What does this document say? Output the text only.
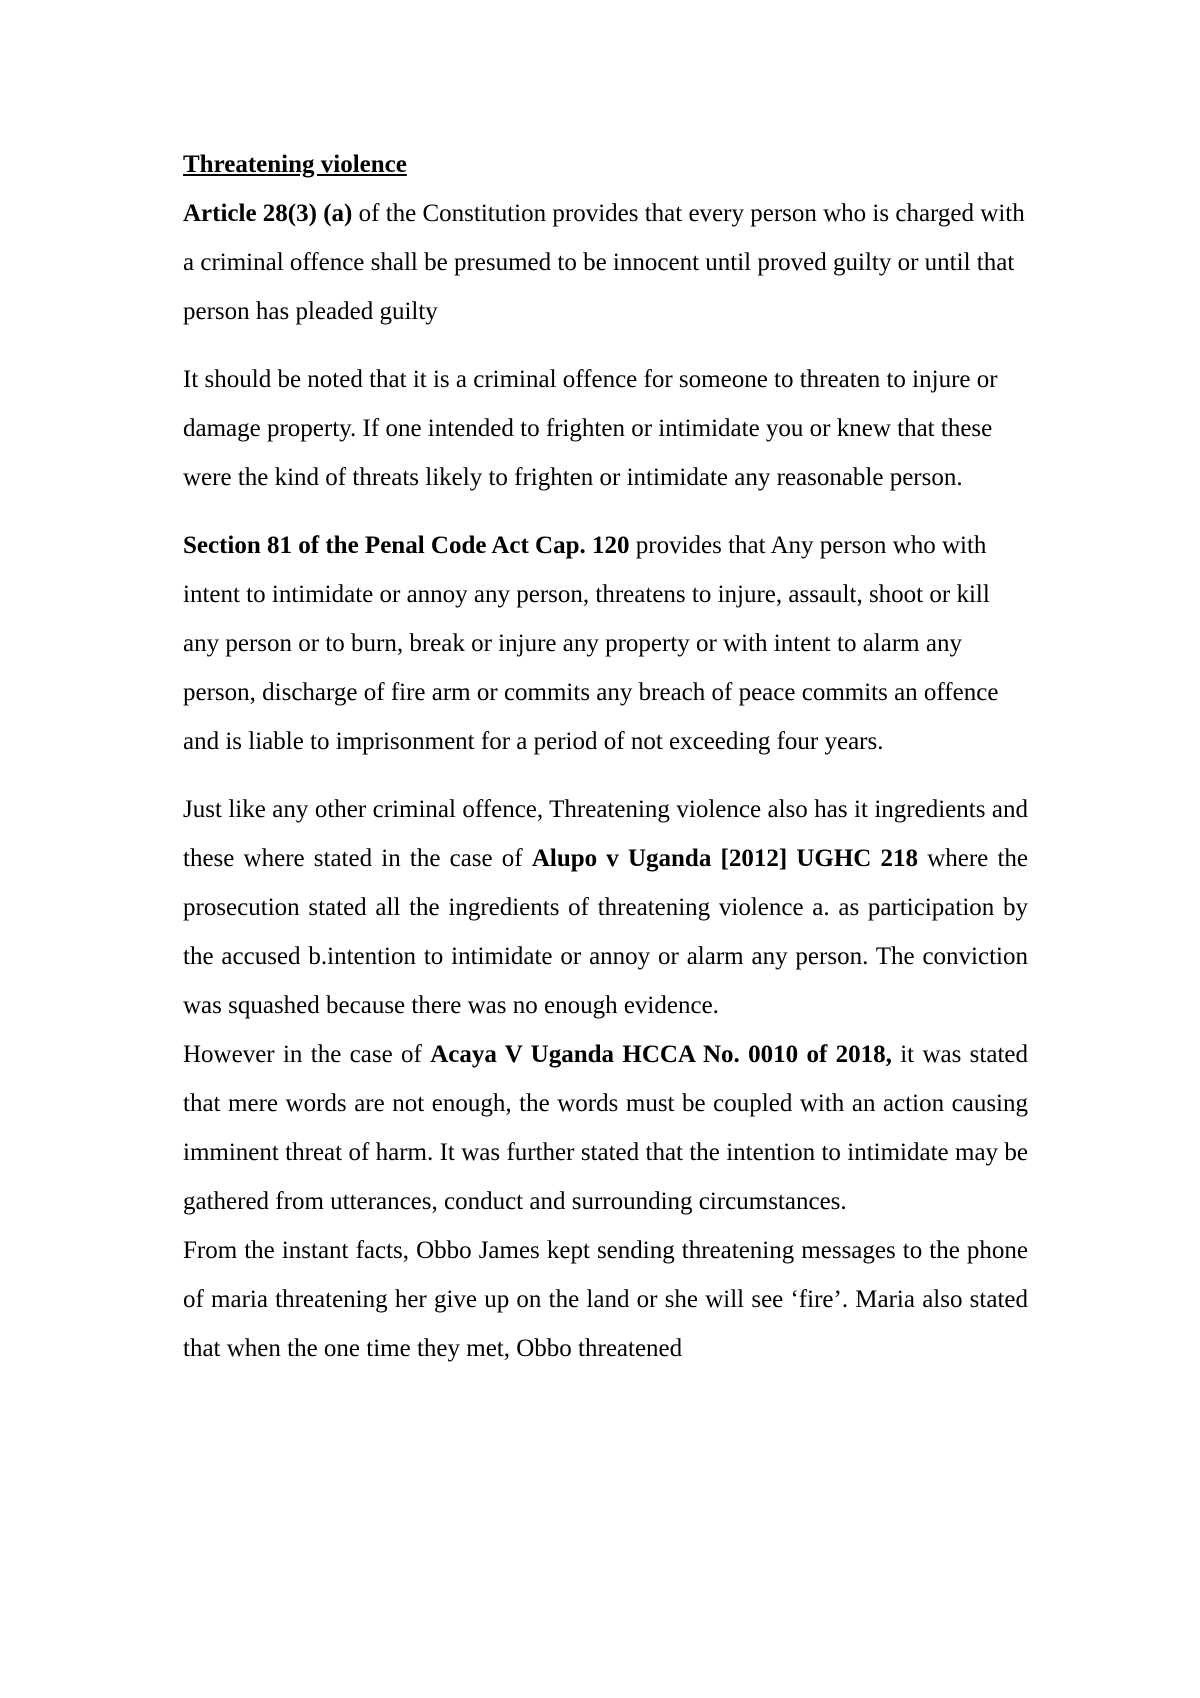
Threatening violence

Article 28(3) (a) of the Constitution provides that every person who is charged with a criminal offence shall be presumed to be innocent until proved guilty or until that person has pleaded guilty

It should be noted that it is a criminal offence for someone to threaten to injure or damage property. If one intended to frighten or intimidate you or knew that these were the kind of threats likely to frighten or intimidate any reasonable person.

Section 81 of the Penal Code Act Cap. 120 provides that Any person who with intent to intimidate or annoy any person, threatens to injure, assault, shoot or kill any person or to burn, break or injure any property or with intent to alarm any person, discharge of fire arm or commits any breach of peace commits an offence and is liable to imprisonment for a period of not exceeding four years.

Just like any other criminal offence, Threatening violence also has it ingredients and these where stated in the case of Alupo v Uganda [2012] UGHC 218 where the prosecution stated all the ingredients of threatening violence a. as participation by the accused b.intention to intimidate or annoy or alarm any person. The conviction was squashed because there was no enough evidence.

However in the case of Acaya V Uganda HCCA No. 0010 of 2018, it was stated that mere words are not enough, the words must be coupled with an action causing imminent threat of harm. It was further stated that the intention to intimidate may be gathered from utterances, conduct and surrounding circumstances.

From the instant facts, Obbo James kept sending threatening messages to the phone of maria threatening her give up on the land or she will see ‘fire’. Maria also stated that when the one time they met, Obbo threatened
